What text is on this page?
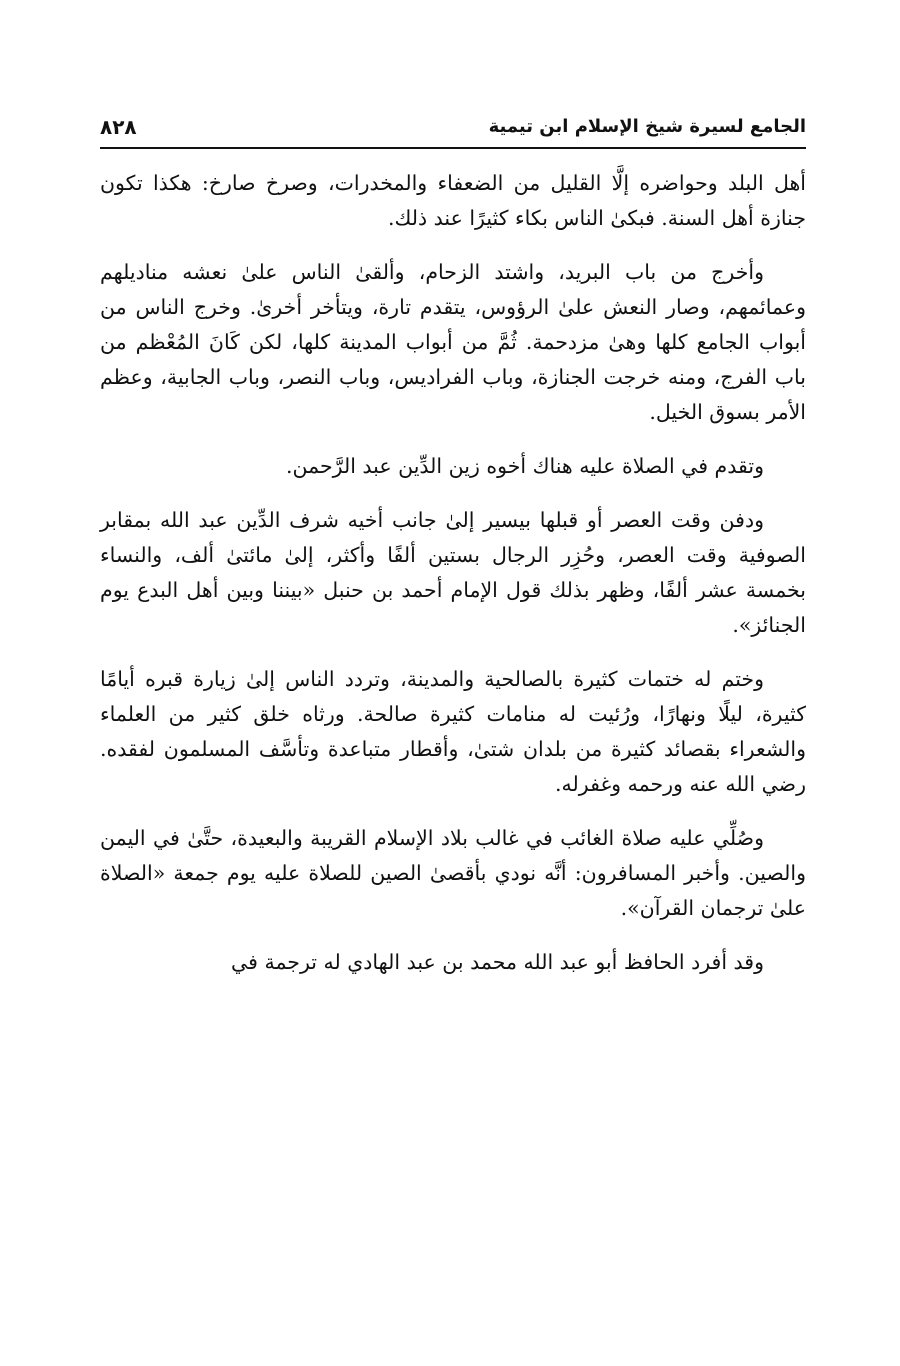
الجامع لسيرة شيخ الإسلام ابن تيمية
٨٢٨

أهل البلد وحواضره إلَّا القليل من الضعفاء والمخدرات، وصرخ صارخ: هكذا تكون جنازة أهل السنة. فبكىٰ الناس بكاء كثيرًا عند ذلك.

وأخرج من باب البريد، واشتد الزحام، وألقىٰ الناس علىٰ نعشه مناديلهم وعمائمهم، وصار النعش علىٰ الرؤوس، يتقدم تارة، ويتأخر أخرىٰ. وخرج الناس من أبواب الجامع كلها وهىٰ مزدحمة. ثُمَّ من أبواب المدينة كلها، لكن كَانَ المُعْظم من باب الفرج، ومنه خرجت الجنازة، وباب الفراديس، وباب النصر، وباب الجابية، وعظم الأمر بسوق الخيل.

وتقدم في الصلاة عليه هناك أخوه زين الدِّين عبد الرَّحمن.

ودفن وقت العصر أو قبلها بيسير إلىٰ جانب أخيه شرف الدِّين عبد الله بمقابر الصوفية وقت العصر، وحُزِر الرجال بستين ألفًا وأكثر، إلىٰ مائتىٰ ألف، والنساء بخمسة عشر ألفًا، وظهر بذلك قول الإمام أحمد بن حنبل «بيننا وبين أهل البدع يوم الجنائز».

وختم له ختمات كثيرة بالصالحية والمدينة، وتردد الناس إلىٰ زيارة قبره أيامًا كثيرة، ليلًا ونهارًا، ورُئيت له منامات كثيرة صالحة. ورثاه خلق كثير من العلماء والشعراء بقصائد كثيرة من بلدان شتىٰ، وأقطار متباعدة وتأسَّف المسلمون لفقده. رضي الله عنه ورحمه وغفرله.

وصُلِّي عليه صلاة الغائب في غالب بلاد الإسلام القريبة والبعيدة، حتَّىٰ في اليمن والصين. وأخبر المسافرون: أنَّه نودي بأقصىٰ الصين للصلاة عليه يوم جمعة «الصلاة علىٰ ترجمان القرآن».

وقد أفرد الحافظ أبو عبد الله محمد بن عبد الهادي له ترجمة في
